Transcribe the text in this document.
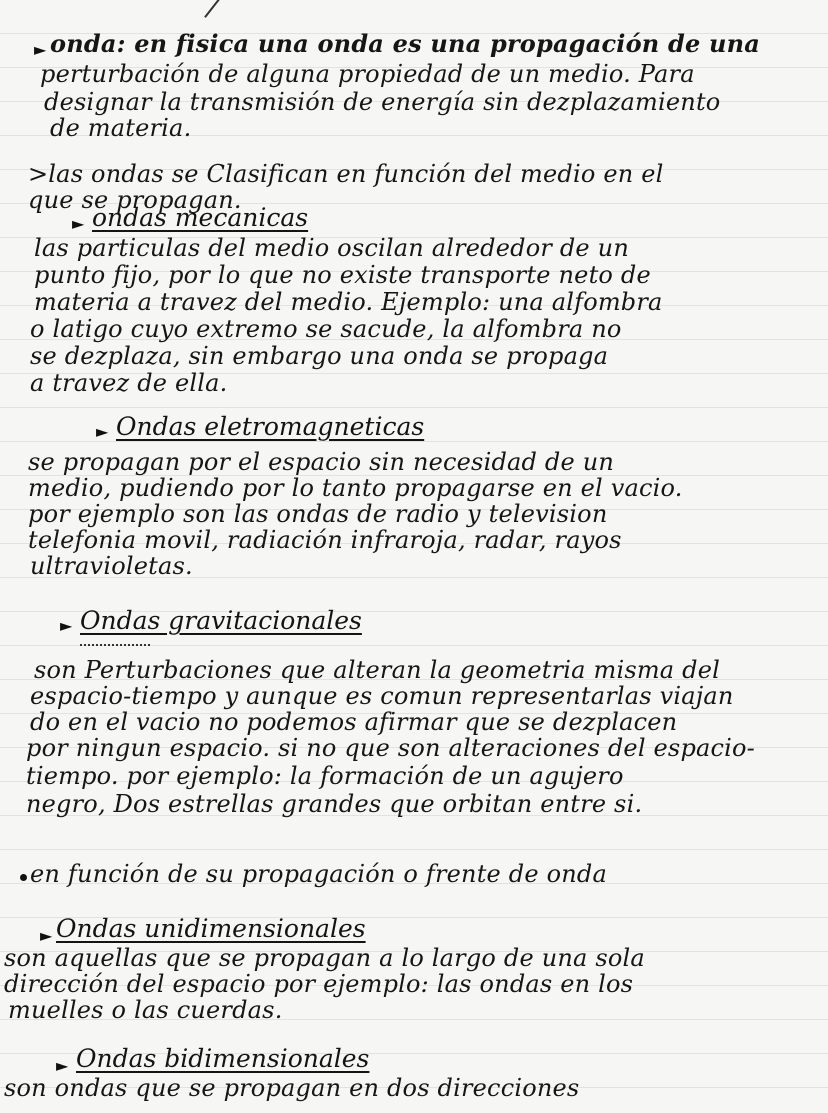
► onda: en fisica una onda es una propagación de una
perturbación de alguna propiedad de un medio. Para
designar la transmisión de energía sin dezplazamiento
de materia.
>las ondas se Clasifican en función del medio en el
que se propagan.
► ondas mecanicas
las particulas del medio oscilan alrededor de un
punto fijo, por lo que no existe transporte neto de
materia a travez del medio. Ejemplo: una alfombra
o latigo cuyo extremo se sacude, la alfombra no
se dezplaza, sin embargo una onda se propaga
a travez de ella.
► Ondas eletromagneticas
se propagan por el espacio sin necesidad de un
medio, pudiendo por lo tanto propagarse en el vacio.
por ejemplo son las ondas de radio y television
telefonia movil, radiación infraroja, radar, rayos
ultravioletas.
► Ondas gravitacionales
son Perturbaciones que alteran la geometria misma del
espacio-tiempo y aunque es comun representarlas viajan
do en el vacio no podemos afirmar que se dezplacen
por ningun espacio. si no que son alteraciones del espacio-
tiempo. por ejemplo: la formación de un agujero
negro, Dos estrellas grandes que orbitan entre si.
en función de su propagación o frente de onda
► Ondas unidimensionales
son aquellas que se propagan a lo largo de una sola
dirección del espacio por ejemplo: las ondas en los
muelles o las cuerdas.
► Ondas bidimensionales
son ondas que se propagan en dos direcciones
